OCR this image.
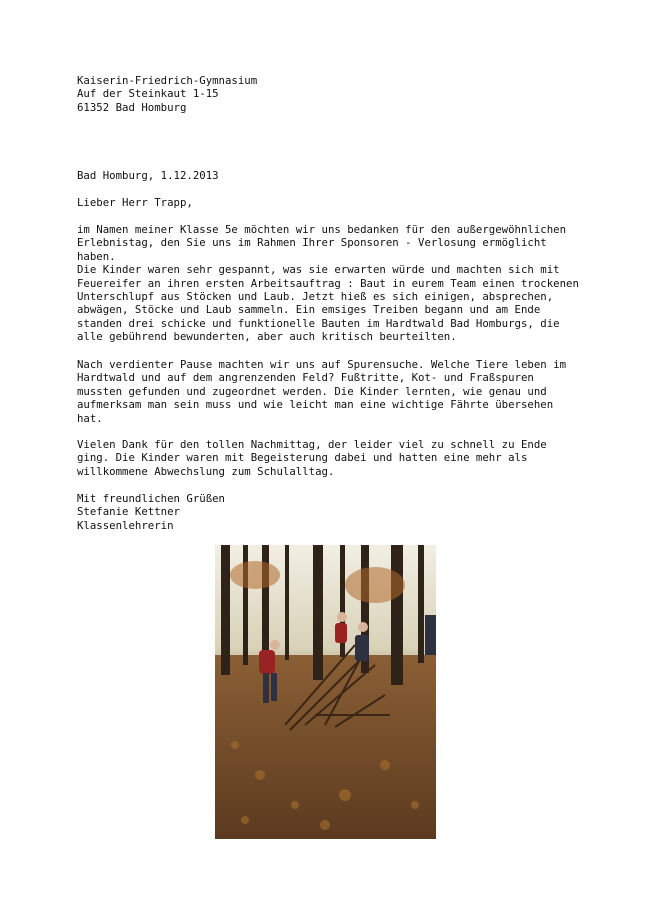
Kaiserin-Friedrich-Gymnasium
Auf der Steinkaut 1-15
61352 Bad Homburg
Bad Homburg, 1.12.2013
Lieber Herr Trapp,
im Namen meiner Klasse 5e möchten wir uns bedanken für den außergewöhnlichen
Erlebnistag, den Sie uns im Rahmen Ihrer Sponsoren - Verlosung ermöglicht
haben.
Die Kinder waren sehr gespannt, was sie erwarten würde und machten sich mit
Feuereifer an ihren ersten Arbeitsauftrag : Baut in eurem Team einen trockenen
Unterschlupf aus Stöcken und Laub. Jetzt hieß es sich einigen, absprechen,
abwägen, Stöcke und Laub sammeln. Ein emsiges Treiben begann und am Ende
standen drei schicke und funktionelle Bauten im Hardtwald Bad Homburgs, die
alle gebührend bewunderten, aber auch kritisch beurteilten.
Nach verdienter Pause machten wir uns auf Spurensuche. Welche Tiere leben im
Hardtwald und auf dem angrenzenden Feld? Fußtritte, Kot- und Fraßspuren
mussten gefunden und zugeordnet werden. Die Kinder lernten, wie genau und
aufmerksam man sein muss und wie leicht man eine wichtige Fährte übersehen
hat.
Vielen Dank für den tollen Nachmittag, der leider viel zu schnell zu Ende
ging. Die Kinder waren mit Begeisterung dabei und hatten eine mehr als
willkommene Abwechslung zum Schulalltag.
Mit freundlichen Grüßen
Stefanie Kettner
Klassenlehrerin
